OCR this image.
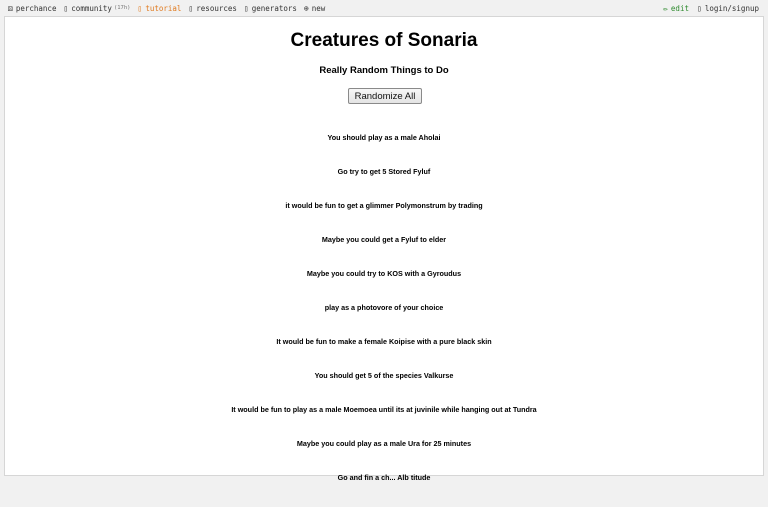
⚄ perchance ▯ community (17h) ▯ tutorial ▯ resources ▯ generators ⊕ new	✏ edit ▯ login/signup
Creatures of Sonaria
Really Random Things to Do
Randomize All
You should play as a male Aholai
Go try to get 5 Stored Fyluf
it would be fun to get a glimmer Polymonstrum by trading
Maybe you could get a Fyluf to elder
Maybe you could try to KOS with a Gyroudus
play as a photovore of your choice
It would be fun to make a female Koipise with a pure black skin
You should get 5 of the species Valkurse
It would be fun to play as a male Moemoea until its at juvinile while hanging out at Tundra
Maybe you could play as a male Ura for 25 minutes
Go and fin a ch... Alb titude
